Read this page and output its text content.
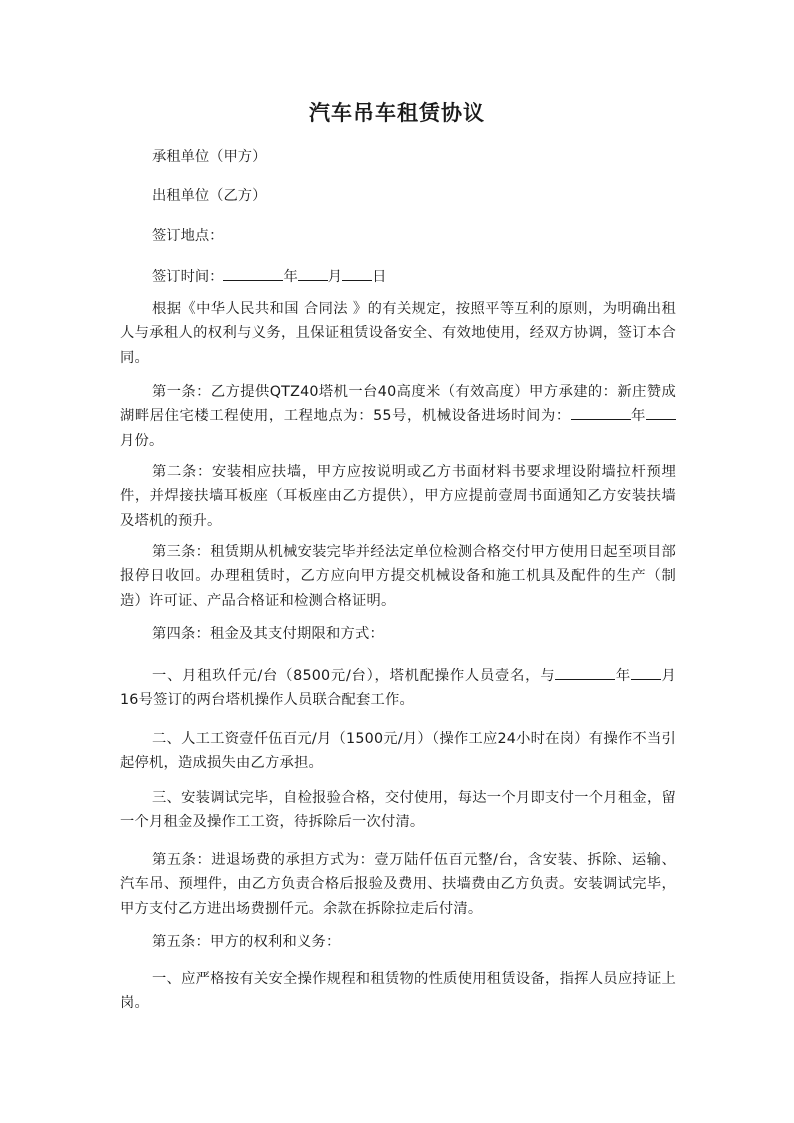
汽车吊车租赁协议

承租单位（甲方）

出租单位（乙方）

签订地点：

签订时间：	年 月 日

根据《中华人民共和国 合同法 》的有关规定，按照平等互利的原则，为明确出租人与承租人的权利与义务，且保证租赁设备安全、有效地使用，经双方协调，签订本合同。

第一条：乙方提供QTZ40塔机一台40高度米（有效高度）甲方承建的：新庄赞成湖畔居住宅楼工程使用，工程地点为：55号，机械设备进场时间为：	年月份。

第二条：安装相应扶墙，甲方应按说明或乙方书面材料书要求埋设附墙拉杆预埋件，并焊接扶墙耳板座（耳板座由乙方提供），甲方应提前壹周书面通知乙方安装扶墙及塔机的预升。

第三条：租赁期从机械安装完毕并经法定单位检测合格交付甲方使用日起至项目部报停日收回。办理租赁时，乙方应向甲方提交机械设备和施工机具及配件的生产（制造）许可证、产品合格证和检测合格证明。

第四条：租金及其支付期限和方式：

一、月租玖仟元/台（8500元/台），塔机配操作人员壹名，与	年 月16号签订的两台塔机操作人员联合配套工作。

二、人工工资壹仟伍百元/月（1500元/月）（操作工应24小时在岗）有操作不当引起停机，造成损失由乙方承担。

三、安装调试完毕，自检报验合格，交付使用，每达一个月即支付一个月租金，留一个月租金及操作工工资，待拆除后一次付清。

第五条：进退场费的承担方式为：壹万陆仟伍百元整/台，含安装、拆除、运输、汽车吊、预埋件，由乙方负责合格后报验及费用、扶墙费由乙方负责。安装调试完毕，甲方支付乙方进出场费捌仟元。余款在拆除拉走后付清。

第五条：甲方的权利和义务：

一、应严格按有关安全操作规程和租赁物的性质使用租赁设备，指挥人员应持证上岗。
